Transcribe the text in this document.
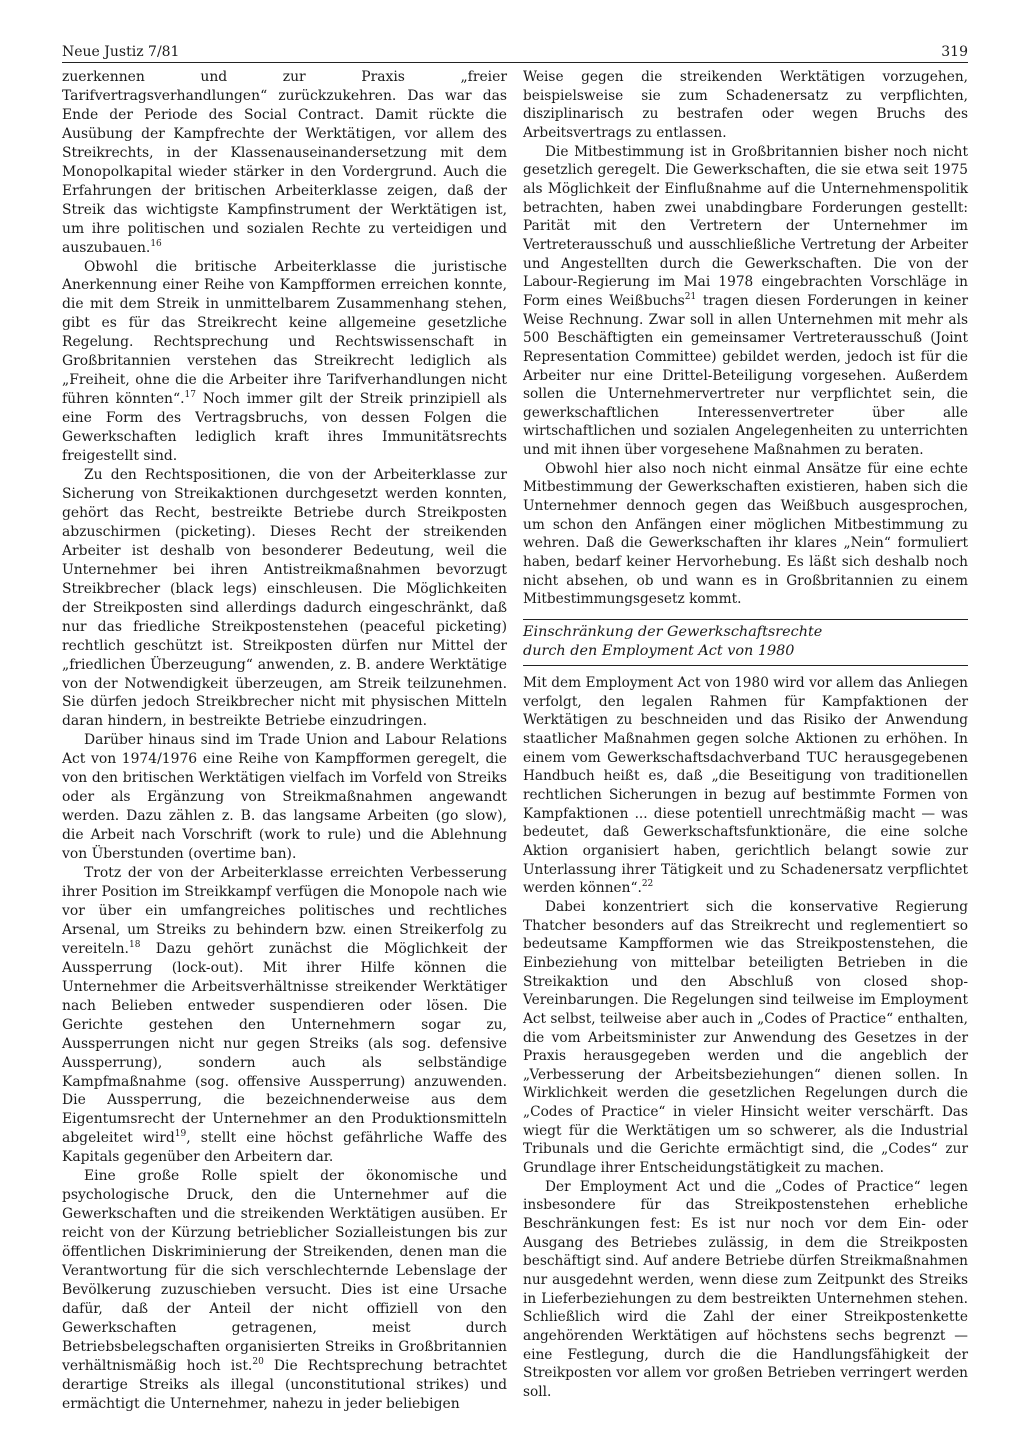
Neue Justiz 7/81	319

zuerkennen und zur Praxis „freier Tarifvertragsverhandlungen“ zurückzukehren. Das war das Ende der Periode des Social Contract. Damit rückte die Ausübung der Kampfrechte der Werktätigen, vor allem des Streikrechts, in der Klassenauseinandersetzung mit dem Monopolkapital wieder stärker in den Vordergrund. Auch die Erfahrungen der britischen Arbeiterklasse zeigen, daß der Streik das wichtigste Kampfinstrument der Werktätigen ist, um ihre politischen und sozialen Rechte zu verteidigen und auszubauen.$^{16}$

Obwohl die britische Arbeiterklasse die juristische Anerkennung einer Reihe von Kampfformen erreichen konnte, die mit dem Streik in unmittelbarem Zusammenhang stehen, gibt es für das Streikrecht keine allgemeine gesetzliche Regelung. Rechtsprechung und Rechtswissenschaft in Großbritannien verstehen das Streikrecht lediglich als „Freiheit, ohne die die Arbeiter ihre Tarifverhandlungen nicht führen könnten“.$^{17}$ Noch immer gilt der Streik prinzipiell als eine Form des Vertragsbruchs, von dessen Folgen die Gewerkschaften lediglich kraft ihres Immunitätsrechts freigestellt sind.

Zu den Rechtspositionen, die von der Arbeiterklasse zur Sicherung von Streikaktionen durchgesetzt werden konnten, gehört das Recht, bestreikte Betriebe durch Streikposten abzuschirmen (picketing). Dieses Recht der streikenden Arbeiter ist deshalb von besonderer Bedeutung, weil die Unternehmer bei ihren Antistreikmaßnahmen bevorzugt Streikbrecher (black legs) einschleusen. Die Möglichkeiten der Streikposten sind allerdings dadurch eingeschränkt, daß nur das friedliche Streikpostenstehen (peaceful picketing) rechtlich geschützt ist. Streikposten dürfen nur Mittel der „friedlichen Überzeugung“ anwenden, z. B. andere Werktätige von der Notwendigkeit überzeugen, am Streik teilzunehmen. Sie dürfen jedoch Streikbrecher nicht mit physischen Mitteln daran hindern, in bestreikte Betriebe einzudringen.

Darüber hinaus sind im Trade Union and Labour Relations Act von 1974/1976 eine Reihe von Kampfformen geregelt, die von den britischen Werktätigen vielfach im Vorfeld von Streiks oder als Ergänzung von Streikmaßnahmen angewandt werden. Dazu zählen z. B. das langsame Arbeiten (go slow), die Arbeit nach Vorschrift (work to rule) und die Ablehnung von Überstunden (overtime ban).

Trotz der von der Arbeiterklasse erreichten Verbesserung ihrer Position im Streikkampf verfügen die Monopole nach wie vor über ein umfangreiches politisches und rechtliches Arsenal, um Streiks zu behindern bzw. einen Streikerfolg zu vereiteln.$^{18}$ Dazu gehört zunächst die Möglichkeit der Aussperrung (lock-out). Mit ihrer Hilfe können die Unternehmer die Arbeitsverhältnisse streikender Werktätiger nach Belieben entweder suspendieren oder lösen. Die Gerichte gestehen den Unternehmern sogar zu, Aussperrungen nicht nur gegen Streiks (als sog. defensive Aussperrung), sondern auch als selbständige Kampfmaßnahme (sog. offensive Aussperrung) anzuwenden. Die Aussperrung, die bezeichnenderweise aus dem Eigentumsrecht der Unternehmer an den Produktionsmitteln abgeleitet wird$^{19}$, stellt eine höchst gefährliche Waffe des Kapitals gegenüber den Arbeitern dar.

Eine große Rolle spielt der ökonomische und psychologische Druck, den die Unternehmer auf die Gewerkschaften und die streikenden Werktätigen ausüben. Er reicht von der Kürzung betrieblicher Sozialleistungen bis zur öffentlichen Diskriminierung der Streikenden, denen man die Verantwortung für die sich verschlechternde Lebenslage der Bevölkerung zuzuschieben versucht. Dies ist eine Ursache dafür, daß der Anteil der nicht offiziell von den Gewerkschaften getragenen, meist durch Betriebsbelegschaften organisierten Streiks in Großbritannien verhältnismäßig hoch ist.$^{20}$ Die Rechtsprechung betrachtet derartige Streiks als illegal (unconstitutional strikes) und ermächtigt die Unternehmer, nahezu in jeder beliebigen

Weise gegen die streikenden Werktätigen vorzugehen, beispielsweise sie zum Schadenersatz zu verpflichten, disziplinarisch zu bestrafen oder wegen Bruchs des Arbeitsvertrags zu entlassen.

Die Mitbestimmung ist in Großbritannien bisher noch nicht gesetzlich geregelt. Die Gewerkschaften, die sie etwa seit 1975 als Möglichkeit der Einflußnahme auf die Unternehmenspolitik betrachten, haben zwei unabdingbare Forderungen gestellt: Parität mit den Vertretern der Unternehmer im Vertreterausschuß und ausschließliche Vertretung der Arbeiter und Angestellten durch die Gewerkschaften. Die von der Labour-Regierung im Mai 1978 eingebrachten Vorschläge in Form eines Weißbuchs$^{21}$ tragen diesen Forderungen in keiner Weise Rechnung. Zwar soll in allen Unternehmen mit mehr als 500 Beschäftigten ein gemeinsamer Vertreterausschuß (Joint Representation Committee) gebildet werden, jedoch ist für die Arbeiter nur eine Drittel-Beteiligung vorgesehen. Außerdem sollen die Unternehmervertreter nur verpflichtet sein, die gewerkschaftlichen Interessenvertreter über alle wirtschaftlichen und sozialen Angelegenheiten zu unterrichten und mit ihnen über vorgesehene Maßnahmen zu beraten.

Obwohl hier also noch nicht einmal Ansätze für eine echte Mitbestimmung der Gewerkschaften existieren, haben sich die Unternehmer dennoch gegen das Weißbuch ausgesprochen, um schon den Anfängen einer möglichen Mitbestimmung zu wehren. Daß die Gewerkschaften ihr klares „Nein“ formuliert haben, bedarf keiner Hervorhebung. Es läßt sich deshalb noch nicht absehen, ob und wann es in Großbritannien zu einem Mitbestimmungsgesetz kommt.

Einschränkung der Gewerkschaftsrechte
durch den Employment Act von 1980

Mit dem Employment Act von 1980 wird vor allem das Anliegen verfolgt, den legalen Rahmen für Kampfaktionen der Werktätigen zu beschneiden und das Risiko der Anwendung staatlicher Maßnahmen gegen solche Aktionen zu erhöhen. In einem vom Gewerkschaftsdachverband TUC herausgegebenen Handbuch heißt es, daß „die Beseitigung von traditionellen rechtlichen Sicherungen in bezug auf bestimmte Formen von Kampfaktionen ... diese potentiell unrechtmäßig macht — was bedeutet, daß Gewerkschaftsfunktionäre, die eine solche Aktion organisiert haben, gerichtlich belangt sowie zur Unterlassung ihrer Tätigkeit und zu Schadenersatz verpflichtet werden können“.$^{22}$

Dabei konzentriert sich die konservative Regierung Thatcher besonders auf das Streikrecht und reglementiert so bedeutsame Kampfformen wie das Streikpostenstehen, die Einbeziehung von mittelbar beteiligten Betrieben in die Streikaktion und den Abschluß von closed shop-Vereinbarungen. Die Regelungen sind teilweise im Employment Act selbst, teilweise aber auch in „Codes of Practice“ enthalten, die vom Arbeitsminister zur Anwendung des Gesetzes in der Praxis herausgegeben werden und die angeblich der „Verbesserung der Arbeitsbeziehungen“ dienen sollen. In Wirklichkeit werden die gesetzlichen Regelungen durch die „Codes of Practice“ in vieler Hinsicht weiter verschärft. Das wiegt für die Werktätigen um so schwerer, als die Industrial Tribunals und die Gerichte ermächtigt sind, die „Codes“ zur Grundlage ihrer Entscheidungstätigkeit zu machen.

Der Employment Act und die „Codes of Practice“ legen insbesondere für das Streikpostenstehen erhebliche Beschränkungen fest: Es ist nur noch vor dem Ein- oder Ausgang des Betriebes zulässig, in dem die Streikposten beschäftigt sind. Auf andere Betriebe dürfen Streikmaßnahmen nur ausgedehnt werden, wenn diese zum Zeitpunkt des Streiks in Lieferbeziehungen zu dem bestreikten Unternehmen stehen. Schließlich wird die Zahl der einer Streikpostenkette angehörenden Werktätigen auf höchstens sechs begrenzt — eine Festlegung, durch die die Handlungsfähigkeit der Streikposten vor allem vor großen Betrieben verringert werden soll.
